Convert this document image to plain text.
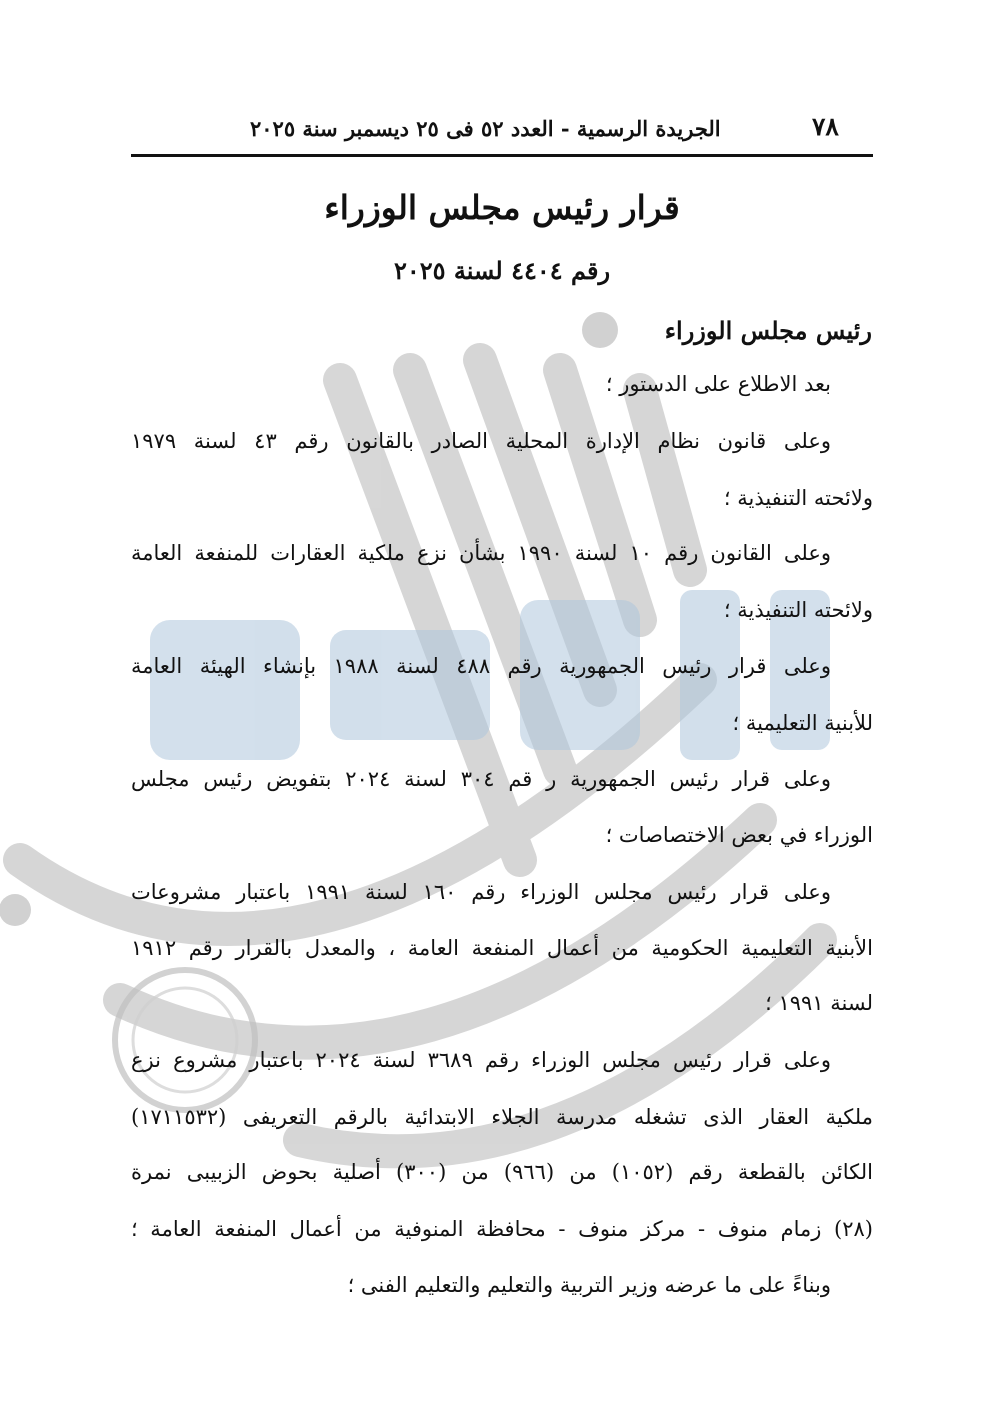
٧٨
الجريدة الرسمية - العدد ٥٢ فى ٢٥ ديسمبر سنة ٢٠٢٥
قرار رئيس مجلس الوزراء
رقم ٤٤٠٤ لسنة ٢٠٢٥
رئيس مجلس الوزراء
بعد الاطلاع على الدستور ؛
وعلى قانون نظام الإدارة المحلية الصادر بالقانون رقم ٤٣ لسنة ١٩٧٩
ولائحته التنفيذية ؛
وعلى القانون رقم ١٠ لسنة ١٩٩٠ بشأن نزع ملكية العقارات للمنفعة العامة
ولائحته التنفيذية ؛
وعلى قرار رئيس الجمهورية رقم ٤٨٨ لسنة ١٩٨٨ بإنشاء الهيئة العامة
للأبنية التعليمية ؛
وعلى قرار رئيس الجمهورية ر قم ٣٠٤ لسنة ٢٠٢٤ بتفويض رئيس مجلس
الوزراء في بعض الاختصاصات ؛
وعلى قرار رئيس مجلس الوزراء رقم ١٦٠ لسنة ١٩٩١ باعتبار مشروعات
الأبنية التعليمية الحكومية من أعمال المنفعة العامة ، والمعدل بالقرار رقم ١٩١٢
لسنة ١٩٩١ ؛
وعلى قرار رئيس مجلس الوزراء رقم ٣٦٨٩ لسنة ٢٠٢٤ باعتبار مشروع نزع
ملكية العقار الذى تشغله مدرسة الجلاء الابتدائية بالرقم التعريفى (١٧١١٥٣٢)
الكائن بالقطعة رقم (١٠٥٢) من (٩٦٦) من (٣٠٠) أصلية بحوض الزبيبى نمرة
(٢٨) زمام منوف - مركز منوف - محافظة المنوفية من أعمال المنفعة العامة ؛
وبناءً على ما عرضه وزير التربية والتعليم والتعليم الفنى ؛
